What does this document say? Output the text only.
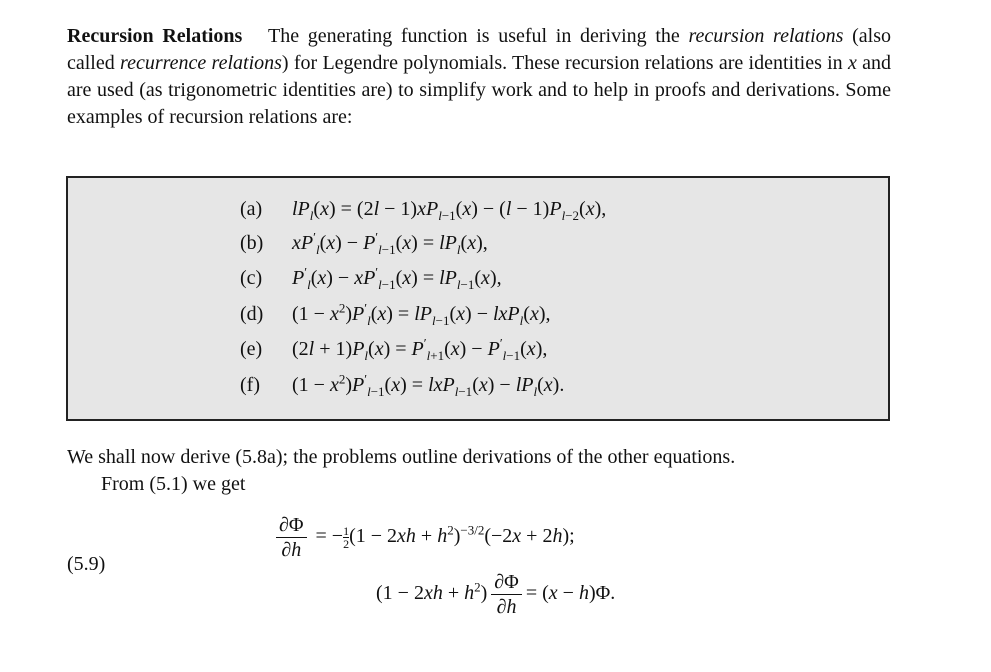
Recursion Relations The generating function is useful in deriving the recursion relations (also called recurrence relations) for Legendre polynomials. These recursion relations are identities in x and are used (as trigonometric identities are) to simplify work and to help in proofs and derivations. Some examples of recursion relations are:
(a) $lP_l(x) = (2l - 1)xP_{l-1}(x) - (l - 1)P_{l-2}(x)$,
(b) $xP'_l(x) - P'_{l-1}(x) = lP_l(x)$,
(c) $P'_l(x) - xP'_{l-1}(x) = lP_{l-1}(x)$,
(d) $(1 - x^2)P'_l(x) = lP_{l-1}(x) - lxP_l(x)$,
(e) $(2l + 1)P_l(x) = P'_{l+1}(x) - P'_{l-1}(x)$,
(f) $(1 - x^2)P'_{l-1}(x) = lxP_{l-1}(x) - lP_l(x)$.
We shall now derive (5.8a); the problems outline derivations of the other equations.
From (5.1) we get
(5.9)
$\frac{\partial\Phi}{\partial h}$ = − $\frac{1}{2} (1 - 2xh + h^2)^{-3/2}(-2x + 2h)$;
$(1 - 2xh + h^2) \frac{\partial\Phi}{\partial h} = (x - h)\Phi$.
